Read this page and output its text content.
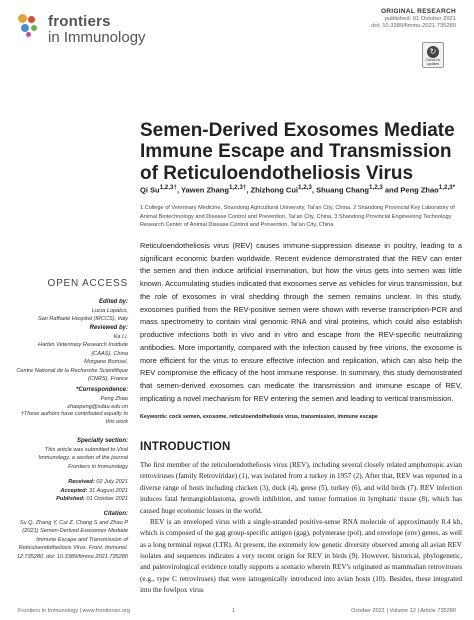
frontiers
in Immunology
ORIGINAL RESEARCH
published: 01 October 2021
doi: 10.3389/fimmu.2021.735280
↻
Check for updates
Semen-Derived Exosomes Mediate Immune Escape and Transmission of Reticuloendotheliosis Virus
Qi $Su^{1,2,3\dagger}$, Yawen Zhang$^{1,2,3\dagger}$, Zhizhong Cui$^{1,2,3}$, Shuang Chang$^{1,2,3}$ and Peng Zhao$^{1,2,3*}$
1 College of Veterinary Medicine, Shandong Agricultural University, Tai'an City, China, 2 Shandong Provincial Key Laboratory of Animal Biotechnology and Disease Control and Prevention, Tai'an City, China, 3 Shandong Provincial Engineering Technology Research Center of Animal Disease Control and Prevention, Tai'an City, China
Reticuloendotheliosis virus (REV) causes immune-suppression disease in poultry, leading to a significant economic burden worldwide. Recent evidence demonstrated that the REV can enter the semen and then induce artificial insemination, but how the virus gets into semen was little known. Accumulating studies indicated that exosomes serve as vehicles for virus transmission, but the role of exosomes in viral shedding through the semen remains unclear. In this study, exosomes purified from the REV-positive semen were shown with reverse transcription-PCR and mass spectrometry to contain viral genomic RNA and viral proteins, which could also establish productive infections both in vivo and in vitro and escape from the REV-specific neutralizing antibodies. More importantly, compared with the infection caused by free virions, the exosome is more efficient for the virus to ensure effective infection and replication, which can also help the REV compromise the efficacy of the host immune response. In summary, this study demonstrated that semen-derived exosomes can medicate the transmission and immune escape of REV, implicating a novel mechanism for REV entering the semen and leading to vertical transmission.
Keywords: cock semen, exosome, reticuloendotheliosis virus, transmission, immune escape
OPEN ACCESS
Edited by:
Lucia Lopalco,
San Raffaele Hospital (IRCCS), Italy
Reviewed by:
Ka Li,
Harbin Veterinary Research Institute (CAAS), China
Morgane Bomsel,
Centre National de la Recherche Scientifique (CNRS), France
*Correspondence:
Peng Zhao
zhaopeng@sdau.edu.cn
†These authors have contributed equally to this work
Specialty section:
This article was submitted to Viral Immunology, a section of the journal Frontiers in Immunology
Received: 02 July 2021
Accepted: 31 August 2021
Published: 01 October 2021
Citation:
Su Q, Zhang Y, Cui Z, Chang S and Zhao P (2021) Semen-Derived Exosomes Mediate Immune Escape and Transmission of Reticuloendotheliosis Virus. Front. Immunol. 12:735280. doi: 10.3389/fimmu.2021.735280
INTRODUCTION

The first member of the reticuloendotheliosis virus (REV), including several closely related amphotropic avian retroviruses (family Retroviridae) (1), was isolated from a turkey in 1957 (2). After that, REV was reported in a diverse range of hosts including chicken (3), duck (4), geese (5), turkey (6), and wild birds (7). REV infection induces fatal hemangioblastoma, growth inhibition, and tumor formation in lymphatic tissue (8), which has caused huge economic losses in the world.

REV is an enveloped virus with a single-stranded positive-sense RNA molecule of approximately 8.4 kb, which is composed of the gag group-specific antigen (gag), polymerase (pol), and envelope (env) genes, as well as a long terminal repeat (LTR). At present, the extremely low genetic diversity observed among all avian REV isolates and sequences indicates a very recent origin for REV in birds (9). However, historical, phylogenetic, and paleovirological evidence totally supports a scenario wherein REV's originated as mammalian retroviruses (e.g., type C retroviruses) that were iatrogenically introduced into avian hosts (10). Besides, these integrated into the fowlpox virus

Frontiers in Immunology | www.frontiersin.org	1	October 2021 | Volume 12 | Article 735280
